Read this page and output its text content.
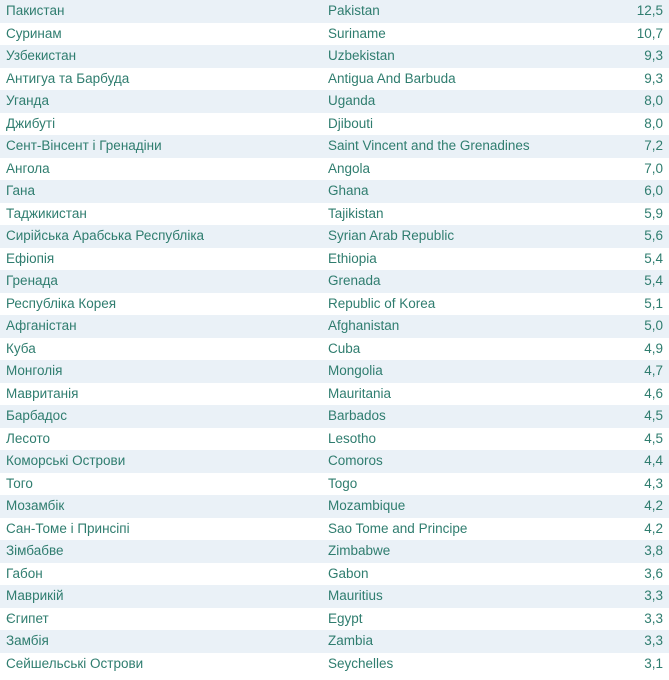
Пакистан	Pakistan	12,5
Суринам	Suriname	10,7
Узбекистан	Uzbekistan	9,3
Антигуа та Барбуда	Antigua And Barbuda	9,3
Уганда	Uganda	8,0
Джибуті	Djibouti	8,0
Сент-Вінсент і Гренадіни	Saint Vincent and the Grenadines	7,2
Ангола	Angola	7,0
Гана	Ghana	6,0
Таджикистан	Tajikistan	5,9
Сирійська Арабська Республіка	Syrian Arab Republic	5,6
Ефіопія	Ethiopia	5,4
Гренада	Grenada	5,4
Республіка Корея	Republic of Korea	5,1
Афганістан	Afghanistan	5,0
Куба	Cuba	4,9
Монголія	Mongolia	4,7
Мавританія	Mauritania	4,6
Барбадос	Barbados	4,5
Лесото	Lesotho	4,5
Коморські Острови	Comoros	4,4
Того	Togo	4,3
Мозамбік	Mozambique	4,2
Сан-Томе і Принсіпі	Sao Tome and Principe	4,2
Зімбабве	Zimbabwe	3,8
Габон	Gabon	3,6
Маврикій	Mauritius	3,3
Єгипет	Egypt	3,3
Замбія	Zambia	3,3
Сейшельські Острови	Seychelles	3,1
